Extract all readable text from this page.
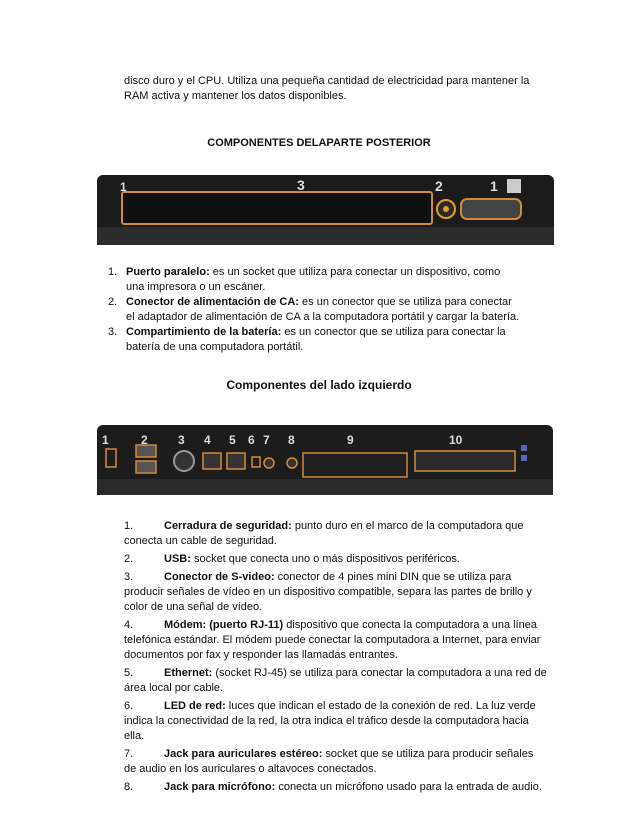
disco duro y el CPU. Utiliza una pequeña cantidad de electricidad para mantener la RAM activa y mantener los datos disponibles.
COMPONENTES DELAPARTE POSTERIOR
1	3	2	1
1. Puerto paralelo: es un socket que utiliza para conectar un dispositivo, como una impresora o un escáner.
2. Conector de alimentación de CA: es un conector que se utiliza para conectar el adaptador de alimentación de CA a la computadora portátil y cargar la batería.
3. Compartimiento de la batería: es un conector que se utiliza para conectar la batería de una computadora portátil.
Componentes del lado izquierdo
1	2	3 4 5 6 7 8	9	10
1.	Cerradura de seguridad: punto duro en el marco de la computadora que conecta un cable de seguridad.
2.	USB: socket que conecta uno o más dispositivos periféricos.
3.	Conector de S-video: conector de 4 pines mini DIN que se utiliza para producir señales de vídeo en un dispositivo compatible, separa las partes de brillo y color de una señal de vídeo.
4.	Módem: (puerto RJ-11) dispositivo que conecta la computadora a una línea telefónica estándar. El módem puede conectar la computadora a Internet, para enviar documentos por fax y responder las llamadas entrantes.
5.	Ethernet: (socket RJ-45) se utiliza para conectar la computadora a una red de área local por cable.
6.	LED de red: luces que indican el estado de la conexión de red. La luz verde indica la conectividad de la red, la otra indica el tráfico desde la computadora hacia ella.
7.	Jack para auriculares estéreo: socket que se utiliza para producir señales de audio en los auriculares o altavoces conectados.
8.	Jack para micrófono: conecta un micrófono usado para la entrada de audio.
